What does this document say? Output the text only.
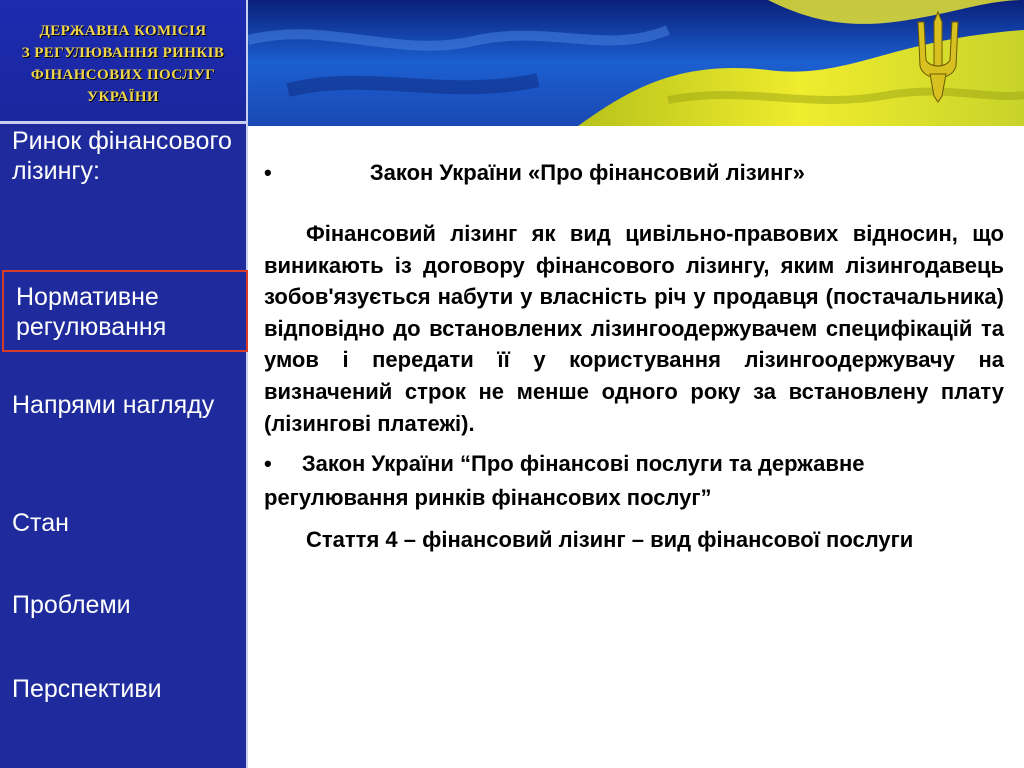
ДЕРЖАВНА КОМІСІЯ
З РЕГУЛЮВАННЯ РИНКІВ
ФІНАНСОВИХ ПОСЛУГ
УКРАЇНИ
Ринок фінансового лізингу:
Нормативне регулювання
Напрями нагляду
Стан
Проблеми
Перспективи

•	Закон України «Про фінансовий лізинг»

Фінансовий лізинг як вид цивільно-правових відносин, що виникають із договору фінансового лізингу, яким лізингодавець зобов'язується набути у власність річ у продавця (постачальника) відповідно до встановлених лізингоодержувачем специфікацій та умов і передати її у користування лізингоодержувачу на визначений строк не менше одного року за встановлену плату (лізингові платежі).

• Закон України “Про фінансові послуги та державне регулювання ринків фінансових послуг”

Стаття 4 – фінансовий лізинг – вид фінансової послуги
